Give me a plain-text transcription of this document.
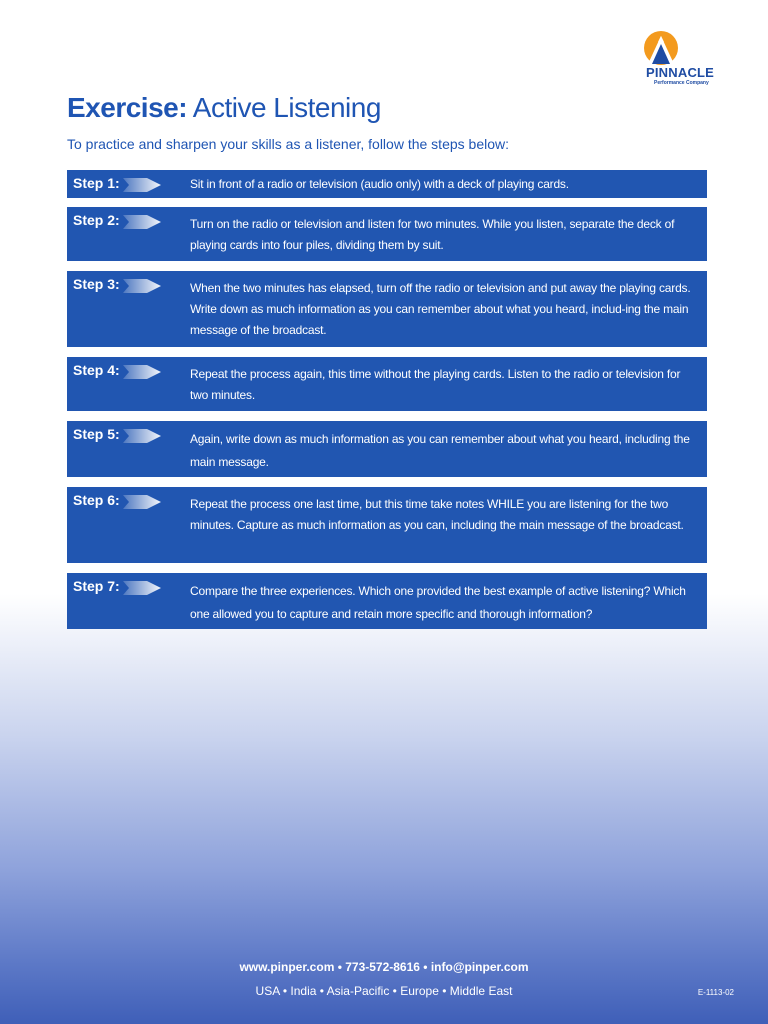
PINNACLE
Performance Company
Exercise: Active Listening
To practice and sharpen your skills as a listener, follow the steps below:
Step 1:	Sit in front of a radio or television (audio only) with a deck of playing cards.
Step 2:	Turn on the radio or television and listen for two minutes. While you listen, separate the deck of playing cards into four piles, dividing them by suit.
Step 3:	When the two minutes has elapsed, turn off the radio or television and put away the playing cards. Write down as much information as you can remember about what you heard, includ-ing the main message of the broadcast.
Step 4:	Repeat the process again, this time without the playing cards. Listen to the radio or television for two minutes.
Step 5:	Again, write down as much information as you can remember about what you heard, including the main message.
Step 6:	Repeat the process one last time, but this time take notes WHILE you are listening for the two minutes. Capture as much information as you can, including the main message of the broadcast.
Step 7:	Compare the three experiences. Which one provided the best example of active listening? Which one allowed you to capture and retain more specific and thorough information?
www.pinper.com • 773-572-8616 • info@pinper.com
USA • India • Asia-Pacific • Europe • Middle East	E-1113-02
